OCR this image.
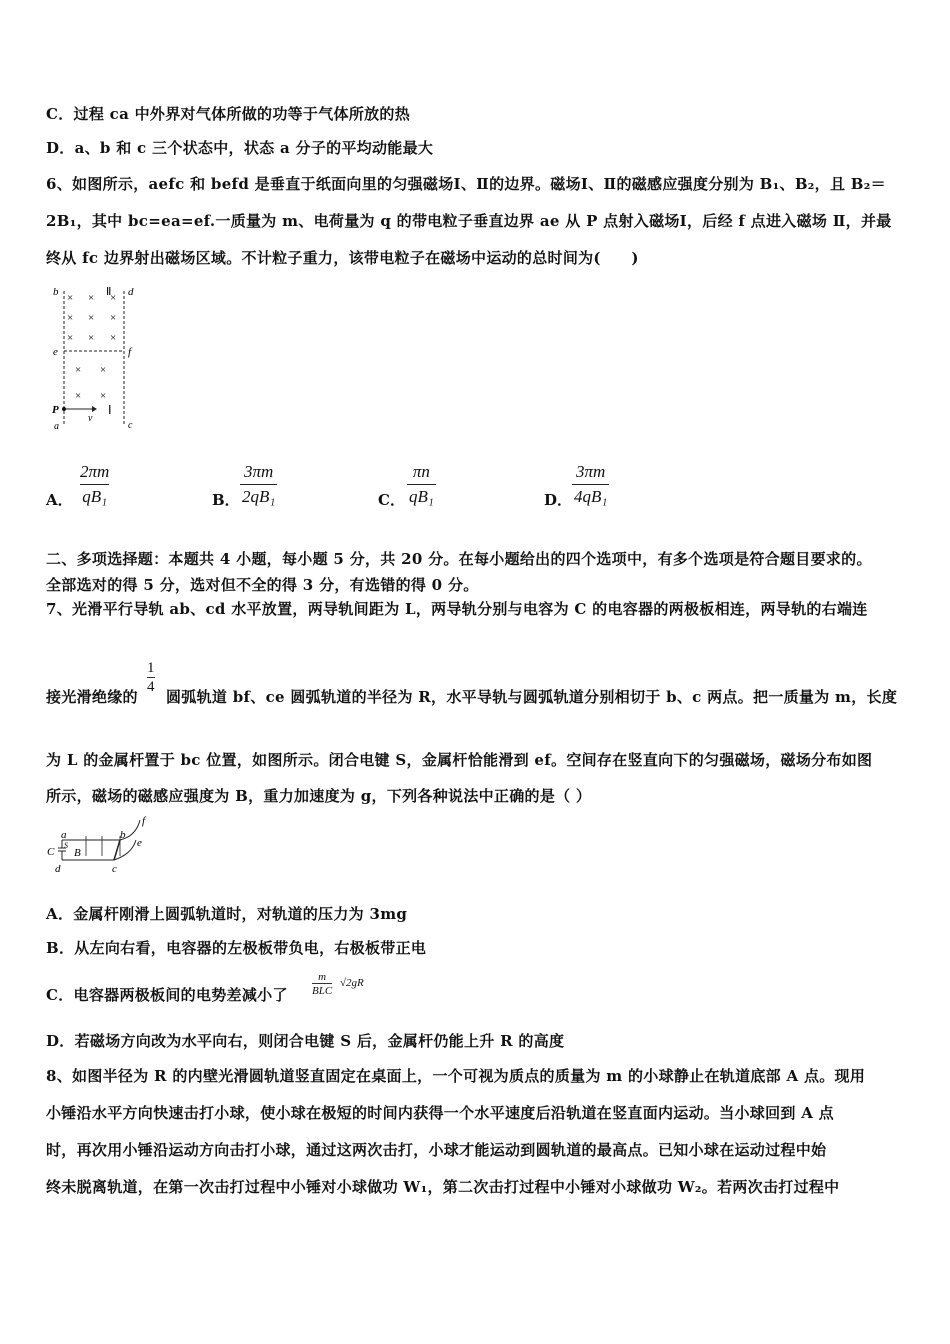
C．过程 ca 中外界对气体所做的功等于气体所放的热
D．a、b 和 c 三个状态中，状态 a 分子的平均动能最大
6、如图所示，aefc 和 befd 是垂直于纸面向里的匀强磁场Ⅰ、Ⅱ的边界。磁场Ⅰ、Ⅱ的磁感应强度分别为 B₁、B₂，且 B₂＝
2B₁，其中 bc=ea=ef.一质量为 m、电荷量为 q 的带电粒子垂直边界 ae 从 P 点射入磁场Ⅰ，后经 f 点进入磁场 Ⅱ，并最
终从 fc 边界射出磁场区域。不计粒子重力，该带电粒子在磁场中运动的总时间为(　　)
b	d
Ⅱ
× × ×
× × ×
× × ×
e	f
× ×
× ×
P	Ⅰ
v
a	c
A． $\frac{2\pi m}{\text{qB₁}}$	B． $\frac{3\pi m}{\text{2qB₁}}$	C． $\frac{\pi n}{\text{qB₁}}$	D． $\frac{3\pi m}{\text{4qB₁}}$
二、多项选择题：本题共 4 小题，每小题 5 分，共 20 分。在每小题给出的四个选项中，有多个选项是符合题目要求的。
全部选对的得 5 分，选对但不全的得 3 分，有选错的得 0 分。
7、光滑平行导轨 ab、cd 水平放置，两导轨间距为 L，两导轨分别与电容为 C 的电容器的两极板相连，两导轨的右端连
接光滑绝缘的
$\frac{1}{4}$
圆弧轨道 bf、ce 圆弧轨道的半径为 R，水平导轨与圆弧轨道分别相切于 b、c 两点。把一质量为 m，长度
为 L 的金属杆置于 bc 位置，如图所示。闭合电键 S，金属杆恰能滑到 ef。空间存在竖直向下的匀强磁场，磁场分布如图
所示，磁场的磁感应强度为 B，重力加速度为 g，下列各种说法中正确的是（ ）
a	b
f
C
S
B
e
d	c
A．金属杆刚滑上圆弧轨道时，对轨道的压力为 3mg
B．从左向右看，电容器的左极板带负电，右极板带正电
C．电容器两极板间的电势差减小了
m
BLC
√2gR
D．若磁场方向改为水平向右，则闭合电键 S 后，金属杆仍能上升 R 的高度
8、如图半径为 R 的内壁光滑圆轨道竖直固定在桌面上，一个可视为质点的质量为 m 的小球静止在轨道底部 A 点。现用
小锤沿水平方向快速击打小球，使小球在极短的时间内获得一个水平速度后沿轨道在竖直面内运动。当小球回到 A 点
时，再次用小锤沿运动方向击打小球，通过这两次击打，小球才能运动到圆轨道的最高点。已知小球在运动过程中始
终未脱离轨道，在第一次击打过程中小锤对小球做功 W₁，第二次击打过程中小锤对小球做功 W₂。若两次击打过程中
